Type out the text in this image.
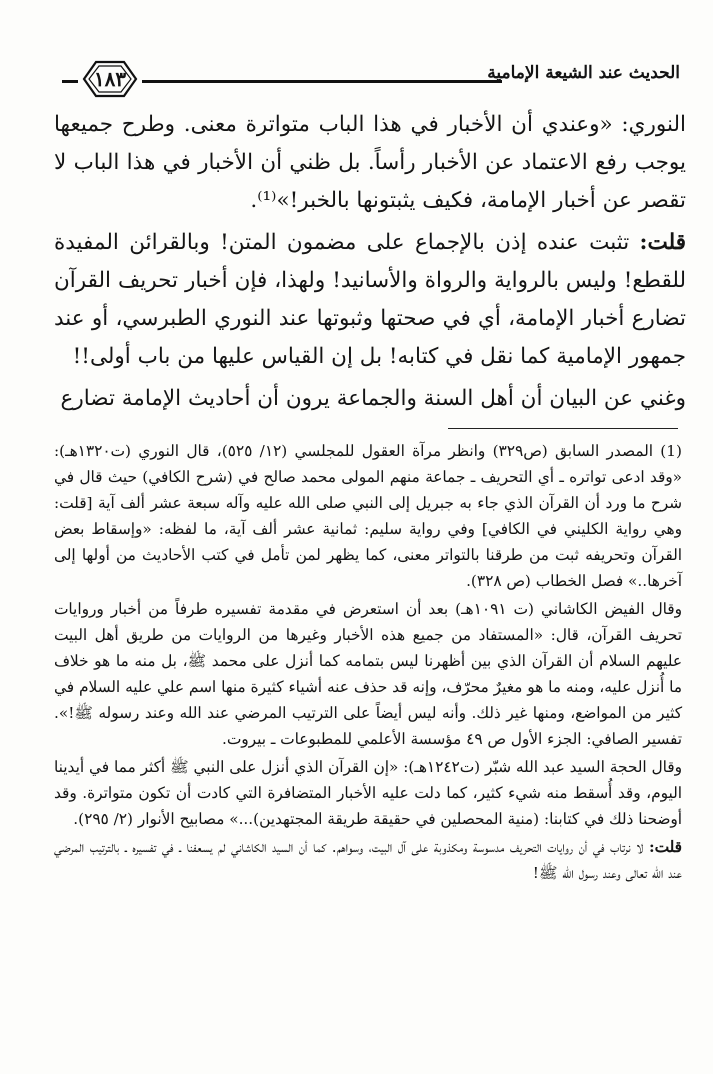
١٨٣	الحديث عند الشيعة الإمامية

النوري: «وعندي أن الأخبار في هذا الباب متواترة معنى. وطرح جميعها يوجب رفع الاعتماد عن الأخبار رأساً. بل ظني أن الأخبار في هذا الباب لا تقصر عن أخبار الإمامة، فكيف يثبتونها بالخبر!»⁽¹⁾.

قلت: تثبت عنده إذن بالإجماع على مضمون المتن! وبالقرائن المفيدة للقطع! وليس بالرواية والرواة والأسانيد! ولهذا، فإن أخبار تحريف القرآن تضارع أخبار الإمامة، أي في صحتها وثبوتها عند النوري الطبرسي، أو عند جمهور الإمامية كما نقل في كتابه! بل إن القياس عليها من باب أولى!!

وغني عن البيان أن أهل السنة والجماعة يرون أن أحاديث الإمامة تضارع

(1) المصدر السابق (ص٣٢٩) وانظر مرآة العقول للمجلسي (١٢/ ٥٢٥)، قال النوري (ت١٣٢٠هـ): «وقد ادعى تواتره ـ أي التحريف ـ جماعة منهم المولى محمد صالح في (شرح الكافي) حيث قال في شرح ما ورد أن القرآن الذي جاء به جبريل إلى النبي صلى الله عليه وآله سبعة عشر ألف آية [قلت: وهي رواية الكليني في الكافي] وفي رواية سليم: ثمانية عشر ألف آية، ما لفظه: «وإسقاط بعض القرآن وتحريفه ثبت من طرقنا بالتواتر معنى، كما يظهر لمن تأمل في كتب الأحاديث من أولها إلى آخرها..» فصل الخطاب (ص ٣٢٨).

وقال الفيض الكاشاني (ت ١٠٩١هـ) بعد أن استعرض في مقدمة تفسيره طرفاً من أخبار وروايات تحريف القرآن، قال: «المستفاد من جميع هذه الأخبار وغيرها من الروايات من طريق أهل البيت عليهم السلام أن القرآن الذي بين أظهرنا ليس بتمامه كما أنزل على محمد ﷺ، بل منه ما هو خلاف ما أُنزل عليه، ومنه ما هو مغيرٌ محرّف، وإنه قد حذف عنه أشياء كثيرة منها اسم علي عليه السلام في كثير من المواضع، ومنها غير ذلك. وأنه ليس أيضاً على الترتيب المرضي عند الله وعند رسوله ﷺ!». تفسير الصافي: الجزء الأول ص ٤٩ مؤسسة الأعلمي للمطبوعات ـ بيروت.

وقال الحجة السيد عبد الله شبّر (ت١٢٤٢هـ): «إن القرآن الذي أنزل على النبي ﷺ أكثر مما في أيدينا اليوم، وقد أُسقط منه شيء كثير، كما دلت عليه الأخبار المتضافرة التي كادت أن تكون متواترة. وقد أوضحنا ذلك في كتابنا: (منية المحصلين في حقيقة طريقة المجتهدين)...» مصابيح الأنوار (٢/ ٢٩٥).

قلت: لا نرتاب في أن روايات التحريف مدسوسة ومكذوبة على آل البيت، وسواهم. كما أن السيد الكاشاني لم يسعفنا ـ في تفسيره ـ بالترتيب المرضي عند الله تعالى وعند رسول الله ﷺ!
